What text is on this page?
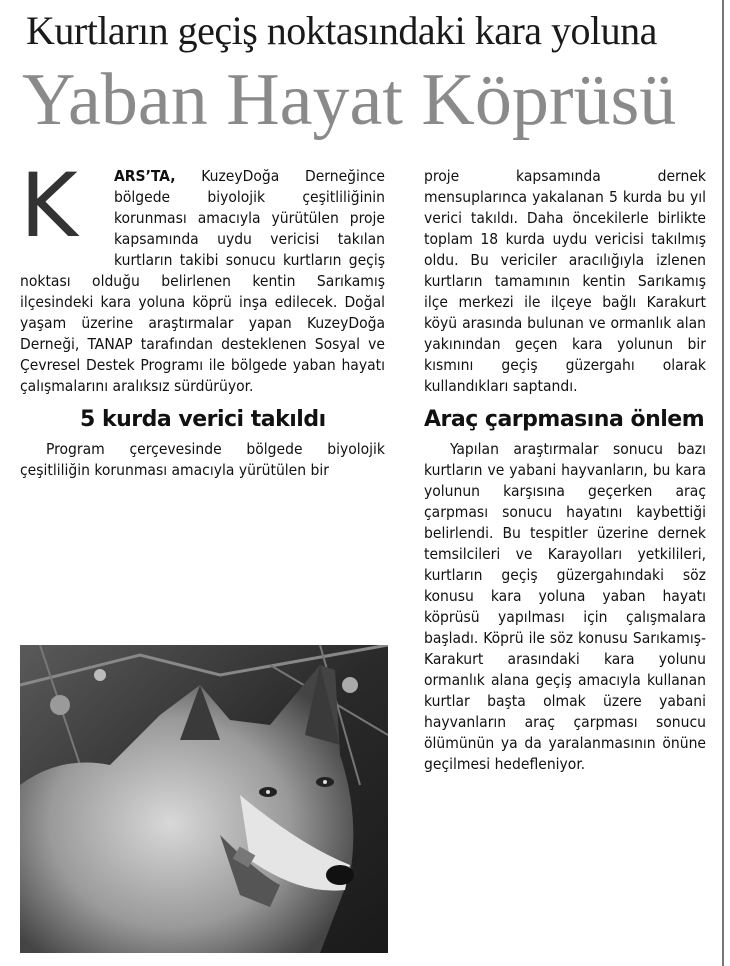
Kurtların geçiş noktasındaki kara yoluna
Yaban Hayat Köprüsü
K	ARS’TA, KuzeyDoğa Derneğince bölgede biyolojik çeşitliliğinin korunması amacıyla yürütülen proje kapsamında uydu vericisi takılan kurtların takibi sonucu kurtların geçiş noktası olduğu belirlenen kentin Sarıkamış ilçesindeki kara yoluna köprü inşa edilecek. Doğal yaşam üzerine araştırmalar yapan KuzeyDoğa Derneği, TANAP tarafından desteklenen Sosyal ve Çevresel Destek Programı ile bölgede yaban hayatı çalışmalarını aralıksız sürdürüyor.

5 kurda verici takıldı

Program çerçevesinde bölgede biyolojik çeşitliliğin korunması amacıyla yürütülen bir

proje kapsamında dernek mensuplarınca yakalanan 5 kurda bu yıl verici takıldı. Daha öncekilerle birlikte toplam 18 kurda uydu vericisi takılmış oldu. Bu vericiler aracılığıyla izlenen kurtların tamamının kentin Sarıkamış ilçe merkezi ile ilçeye bağlı Karakurt köyü arasında bulunan ve ormanlık alan yakınından geçen kara yolunun bir kısmını geçiş güzergahı olarak kullandıkları saptandı.

Araç çarpmasına önlem

Yapılan araştırmalar sonucu bazı kurtların ve yabani hayvanların, bu kara yolunun karşısına geçerken araç çarpması sonucu hayatını kaybettiği belirlendi. Bu tespitler üzerine dernek temsilcileri ve Karayolları yetkilileri, kurtların geçiş güzergahındaki söz konusu kara yoluna yaban hayatı köprüsü yapılması için çalışmalara başladı. Köprü ile söz konusu Sarıkamış-Karakurt arasındaki kara yolunu ormanlık alana geçiş amacıyla kullanan kurtlar başta olmak üzere yabani hayvanların araç çarpması sonucu ölümünün ya da yaralanmasının önüne geçilmesi hedefleniyor.
